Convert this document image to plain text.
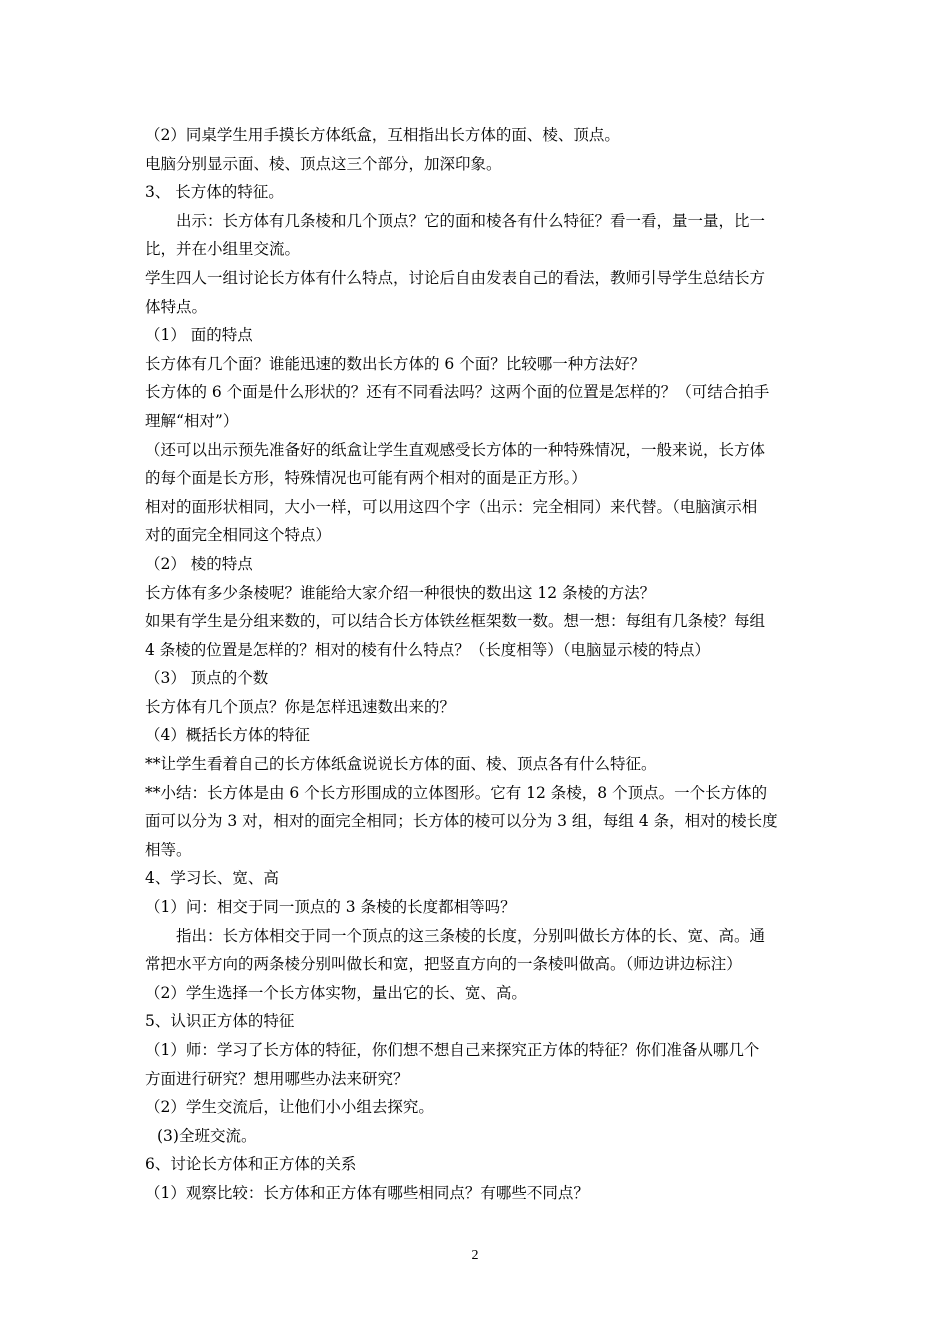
（2）同桌学生用手摸长方体纸盒，互相指出长方体的面、棱、顶点。
电脑分别显示面、棱、顶点这三个部分，加深印象。
3、 长方体的特征。
出示：长方体有几条棱和几个顶点？它的面和棱各有什么特征？看一看，量一量，比一
比，并在小组里交流。
学生四人一组讨论长方体有什么特点，讨论后自由发表自己的看法，教师引导学生总结长方
体特点。
（1） 面的特点
长方体有几个面？谁能迅速的数出长方体的 6 个面？比较哪一种方法好？
长方体的 6 个面是什么形状的？还有不同看法吗？这两个面的位置是怎样的？（可结合拍手
理解“相对”）
（还可以出示预先准备好的纸盒让学生直观感受长方体的一种特殊情况，一般来说，长方体
的每个面是长方形，特殊情况也可能有两个相对的面是正方形。）
相对的面形状相同，大小一样，可以用这四个字（出示：完全相同）来代替。（电脑演示相
对的面完全相同这个特点）
（2） 棱的特点
长方体有多少条棱呢？谁能给大家介绍一种很快的数出这 12 条棱的方法？
如果有学生是分组来数的，可以结合长方体铁丝框架数一数。想一想：每组有几条棱？每组
4 条棱的位置是怎样的？相对的棱有什么特点？（长度相等）（电脑显示棱的特点）
（3） 顶点的个数
长方体有几个顶点？你是怎样迅速数出来的？
（4）概括长方体的特征
**让学生看着自己的长方体纸盒说说长方体的面、棱、顶点各有什么特征。
**小结：长方体是由 6 个长方形围成的立体图形。它有 12 条棱，8 个顶点。一个长方体的
面可以分为 3 对，相对的面完全相同；长方体的棱可以分为 3 组，每组 4 条，相对的棱长度
相等。
4、学习长、宽、高
（1）问：相交于同一顶点的 3 条棱的长度都相等吗？
指出：长方体相交于同一个顶点的这三条棱的长度，分别叫做长方体的长、宽、高。通
常把水平方向的两条棱分别叫做长和宽，把竖直方向的一条棱叫做高。（师边讲边标注）
（2）学生选择一个长方体实物，量出它的长、宽、高。
5、认识正方体的特征
（1）师：学习了长方体的特征，你们想不想自己来探究正方体的特征？你们准备从哪几个
方面进行研究？想用哪些办法来研究？
（2）学生交流后，让他们小小组去探究。
(3)全班交流。
6、讨论长方体和正方体的关系
（1）观察比较：长方体和正方体有哪些相同点？有哪些不同点？
2
